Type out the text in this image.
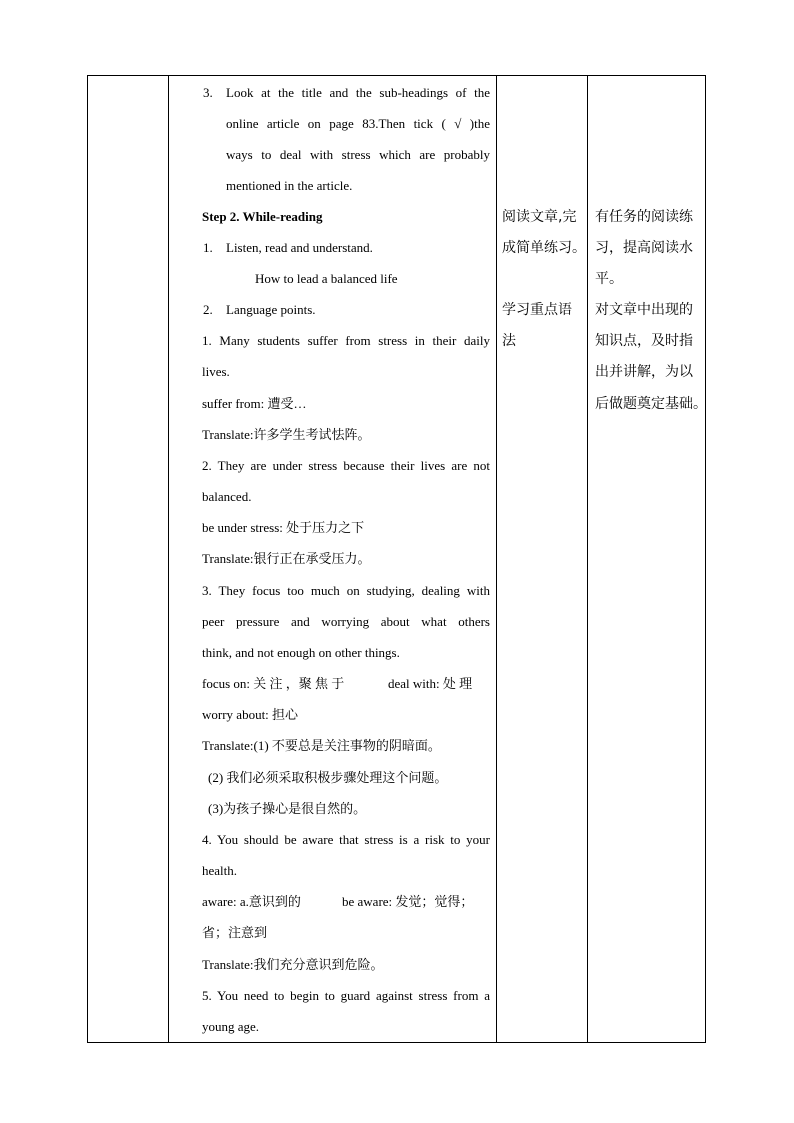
3. Look at the title and the sub-headings of the
online article on page 83.Then tick ( √ )the
ways to deal with stress which are probably
mentioned in the article.
Step 2. While-reading
1. Listen, read and understand.
How to lead a balanced life
2. Language points.
1. Many students suffer from stress in their daily
lives.
suffer from: 遭受…
Translate:许多学生考试怯阵。
2. They are under stress because their lives are not
balanced.
be under stress: 处于压力之下
Translate:银行正在承受压力。
3. They focus too much on studying, dealing with
peer pressure and worrying about what others
think, and not enough on other things.
focus on: 关 注 ，聚 焦 于	deal with: 处 理
worry about: 担心
Translate:(1) 不要总是关注事物的阴暗面。
(2) 我们必须采取积极步骤处理这个问题。
(3)为孩子操心是很自然的。
4. You should be aware that stress is a risk to your
health.
aware: a.意识到的	be aware: 发觉；觉得；
省；注意到
Translate:我们充分意识到危险。
5. You need to begin to guard against stress from a
young age.
阅读文章,完
成简单练习。
学习重点语
法
有任务的阅读练
习，提高阅读水
平。
对文章中出现的
知识点，及时指
出并讲解，为以
后做题奠定基础。
